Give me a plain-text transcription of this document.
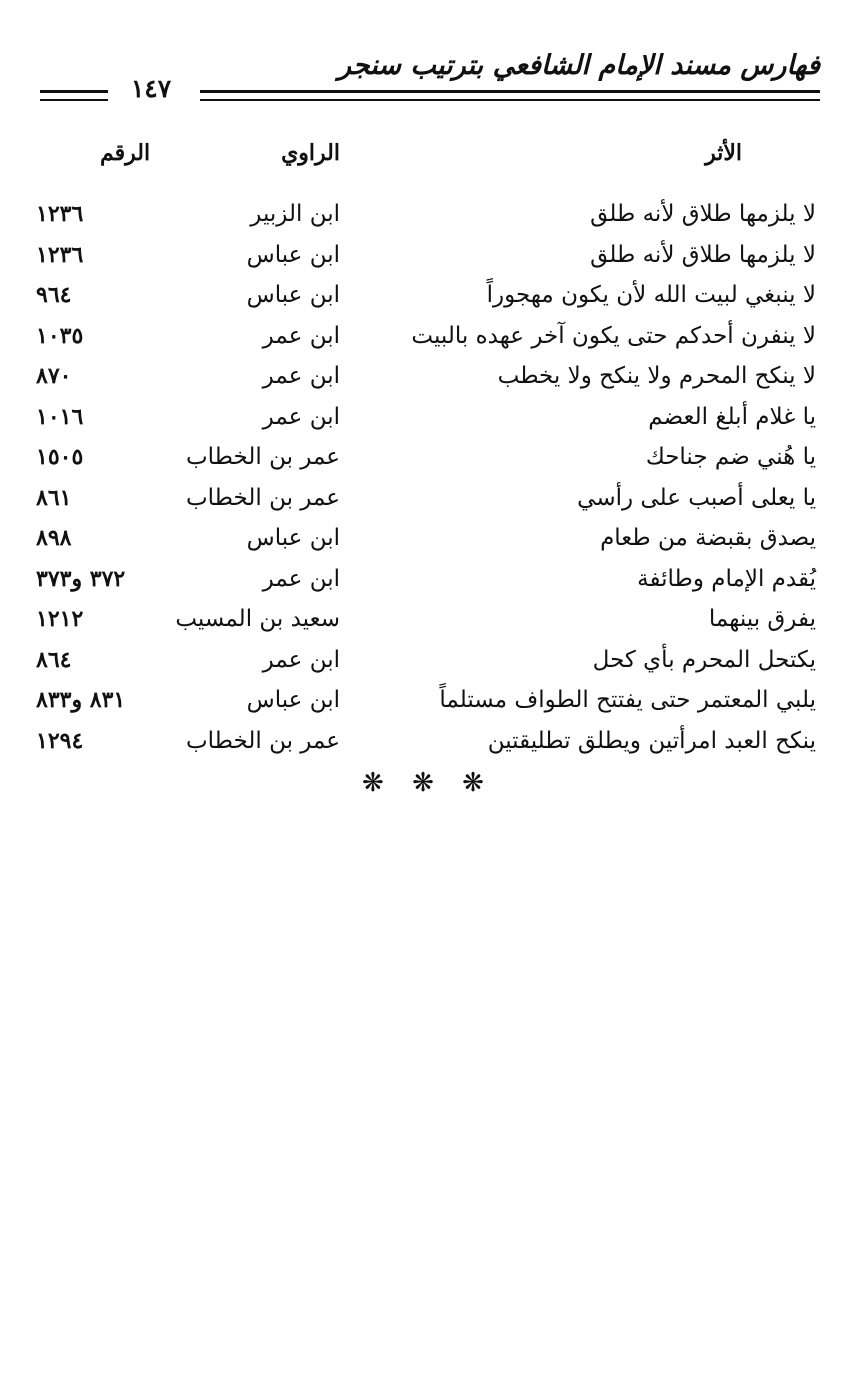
فهارس مسند الإمام الشافعي بترتيب سنجر
١٤٧
الأثر
الراوي
الرقم
لا يلزمها طلاق لأنه طلق
ابن الزبير
١٢٣٦
لا يلزمها طلاق لأنه طلق
ابن عباس
١٢٣٦
لا ينبغي لبيت الله لأن يكون مهجوراً
ابن عباس
٩٦٤
لا ينفرن أحدكم حتى يكون آخر عهده بالبيت
ابن عمر
١٠٣٥
لا ينكح المحرم ولا ينكح ولا يخطب
ابن عمر
٨٧٠
يا غلام أبلغ العضم
ابن عمر
١٠١٦
يا هُني ضم جناحك
عمر بن الخطاب
١٥٠٥
يا يعلى أصبب على رأسي
عمر بن الخطاب
٨٦١
يصدق بقبضة من طعام
ابن عباس
٨٩٨
يُقدم الإمام وطائفة
ابن عمر
٣٧٢ و٣٧٣
يفرق بينهما
سعيد بن المسيب
١٢١٢
يكتحل المحرم بأي كحل
ابن عمر
٨٦٤
يلبي المعتمر حتى يفتتح الطواف مستلماً
ابن عباس
٨٣١ و٨٣٣
ينكح العبد امرأتين ويطلق تطليقتين
عمر بن الخطاب
١٢٩٤
❋ ❋ ❋
